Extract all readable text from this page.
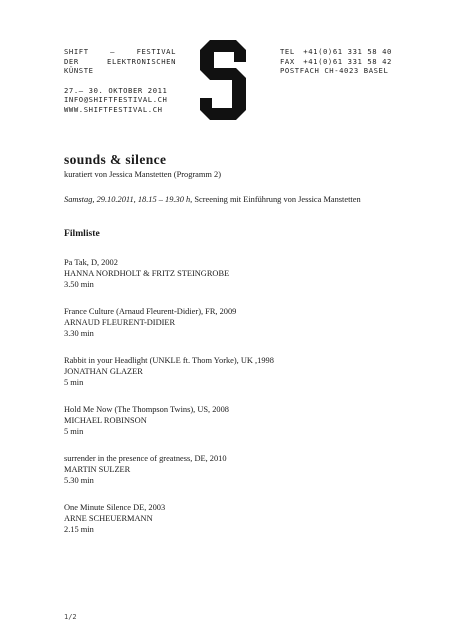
SHIFT	–	FESTIVAL
DER	ELEKTRONISCHEN
KÜNSTE
27.– 30. OKTOBER 2011
INFO@SHIFTFESTIVAL.CH
WWW.SHIFTFESTIVAL.CH
TEL +41(0)61 331 58 40
FAX +41(0)61 331 58 42
POSTFACH CH-4023 BASEL
sounds & silence

kuratiert von Jessica Manstetten (Programm 2)

Samstag, 29.10.2011, 18.15 – 19.30 h, Screening mit Einführung von Jessica Manstetten

Filmliste
Pa Tak, D, 2002
HANNA NORDHOLT & FRITZ STEINGROBE
3.50 min
France Culture (Arnaud Fleurent-Didier), FR, 2009
ARNAUD FLEURENT-DIDIER
3.30 min
Rabbit in your Headlight (UNKLE ft. Thom Yorke), UK ,1998
JONATHAN GLAZER
5 min
Hold Me Now (The Thompson Twins), US, 2008
MICHAEL ROBINSON
5 min
surrender in the presence of greatness, DE, 2010
MARTIN SULZER
5.30 min
One Minute Silence DE, 2003
ARNE SCHEUERMANN
2.15 min
1/2
